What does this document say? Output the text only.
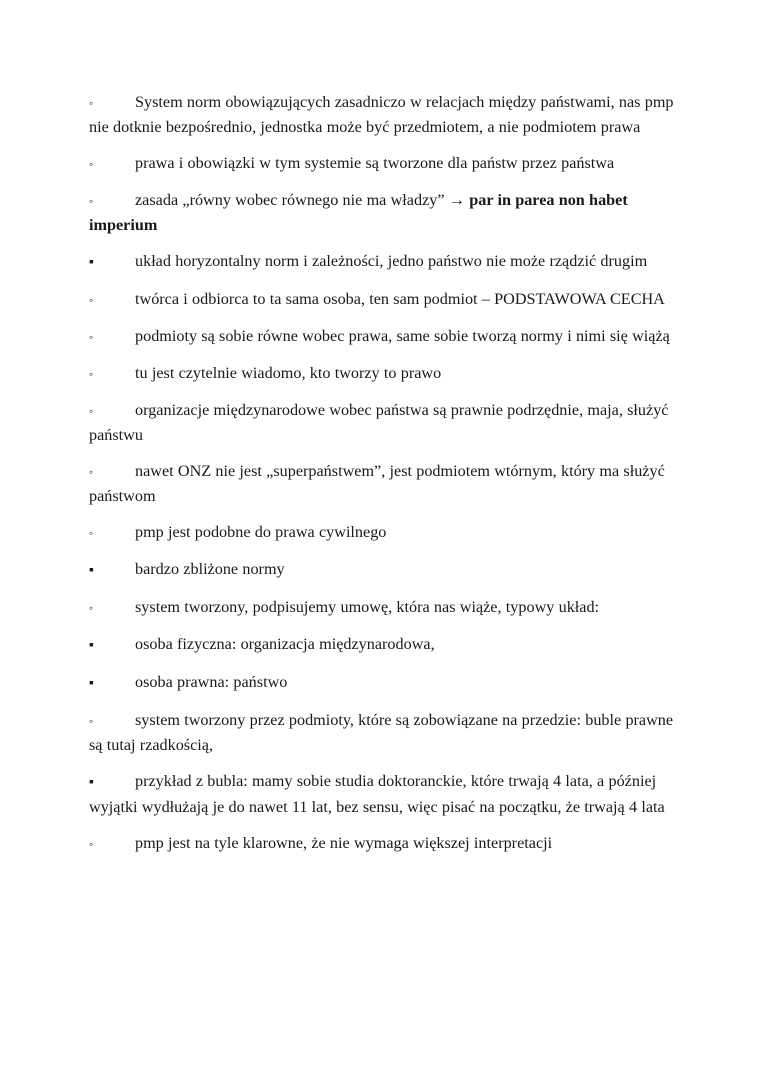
◦	System norm obowiązujących zasadniczo w relacjach między państwami, nas pmp nie dotknie bezpośrednio, jednostka może być przedmiotem, a nie podmiotem prawa

◦	prawa i obowiązki w tym systemie są tworzone dla państw przez państwa

◦	zasada „równy wobec równego nie ma władzy” → par in parea non habet imperium

▪	układ horyzontalny norm i zależności, jedno państwo nie może rządzić drugim

◦	twórca i odbiorca to ta sama osoba, ten sam podmiot – PODSTAWOWA CECHA

◦	podmioty są sobie równe wobec prawa, same sobie tworzą normy i nimi się wiążą

◦	tu jest czytelnie wiadomo, kto tworzy to prawo

◦	organizacje międzynarodowe wobec państwa są prawnie podrzędnie, maja, służyć państwu

◦	nawet ONZ nie jest „superpaństwem”, jest podmiotem wtórnym, który ma służyć państwom

◦	pmp jest podobne do prawa cywilnego

▪	bardzo zbliżone normy

◦	system tworzony, podpisujemy umowę, która nas wiąże, typowy układ:

▪	osoba fizyczna: organizacja międzynarodowa,

▪	osoba prawna: państwo

◦	system tworzony przez podmioty, które są zobowiązane na przedzie: buble prawne są tutaj rzadkością,

▪	przykład z bubla: mamy sobie studia doktoranckie, które trwają 4 lata, a później wyjątki wydłużają je do nawet 11 lat, bez sensu, więc pisać na początku, że trwają 4 lata

◦	pmp jest na tyle klarowne, że nie wymaga większej interpretacji
